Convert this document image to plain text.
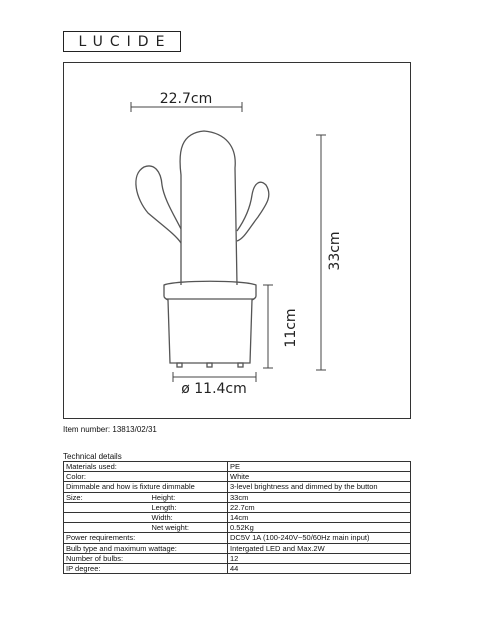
LUCIDE
22.7cm
33cm
11cm
ø 11.4cm
Item number: 13813/02/31
Technical details
Materials used:		PE
Color:		White
Dimmable and how is fixture dimmable		3-level brightness and dimmed by the button
Size:	Height:	33cm
	Length:	22.7cm
	Width:	14cm
	Net weight:	0.52Kg
Power requirements:		DC5V 1A (100-240V~50/60Hz main input)
Bulb type and maximum wattage:		Intergated LED and Max.2W
Number of bulbs:		12
IP degree:		44
